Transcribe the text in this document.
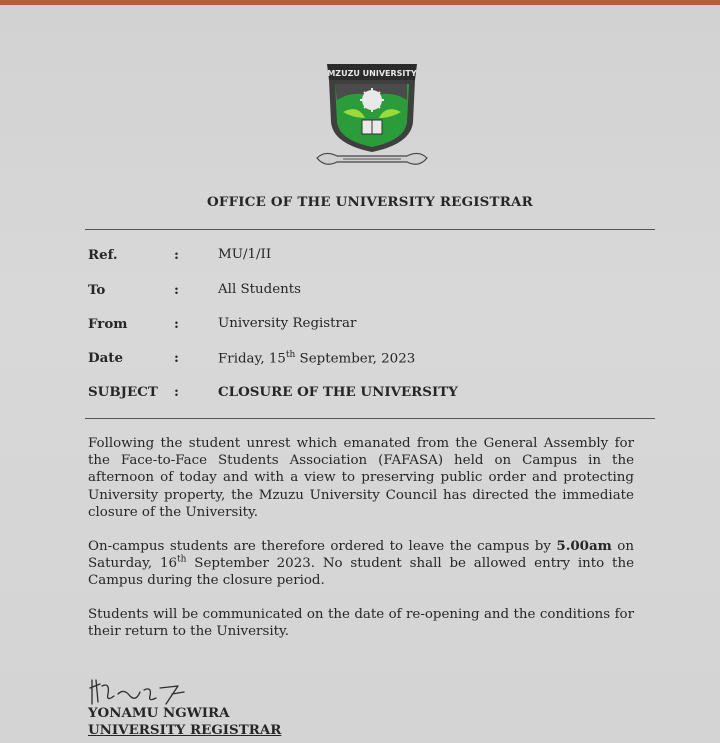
MZUZU UNIVERSITY
OFFICE OF THE UNIVERSITY REGISTRAR
Ref.	:	MU/1/II
To	:	All Students
From	:	University Registrar
Date	:	Friday, 15th September, 2023
SUBJECT :	CLOSURE OF THE UNIVERSITY
Following the student unrest which emanated from the General Assembly for the Face-to-Face Students Association (FAFASA) held on Campus in the afternoon of today and with a view to preserving public order and protecting University property, the Mzuzu University Council has directed the immediate closure of the University.
On-campus students are therefore ordered to leave the campus by 5.00am on Saturday, 16th September 2023. No student shall be allowed entry into the Campus during the closure period.
Students will be communicated on the date of re-opening and the conditions for their return to the University.
YONAMU NGWIRA
UNIVERSITY REGISTRAR
